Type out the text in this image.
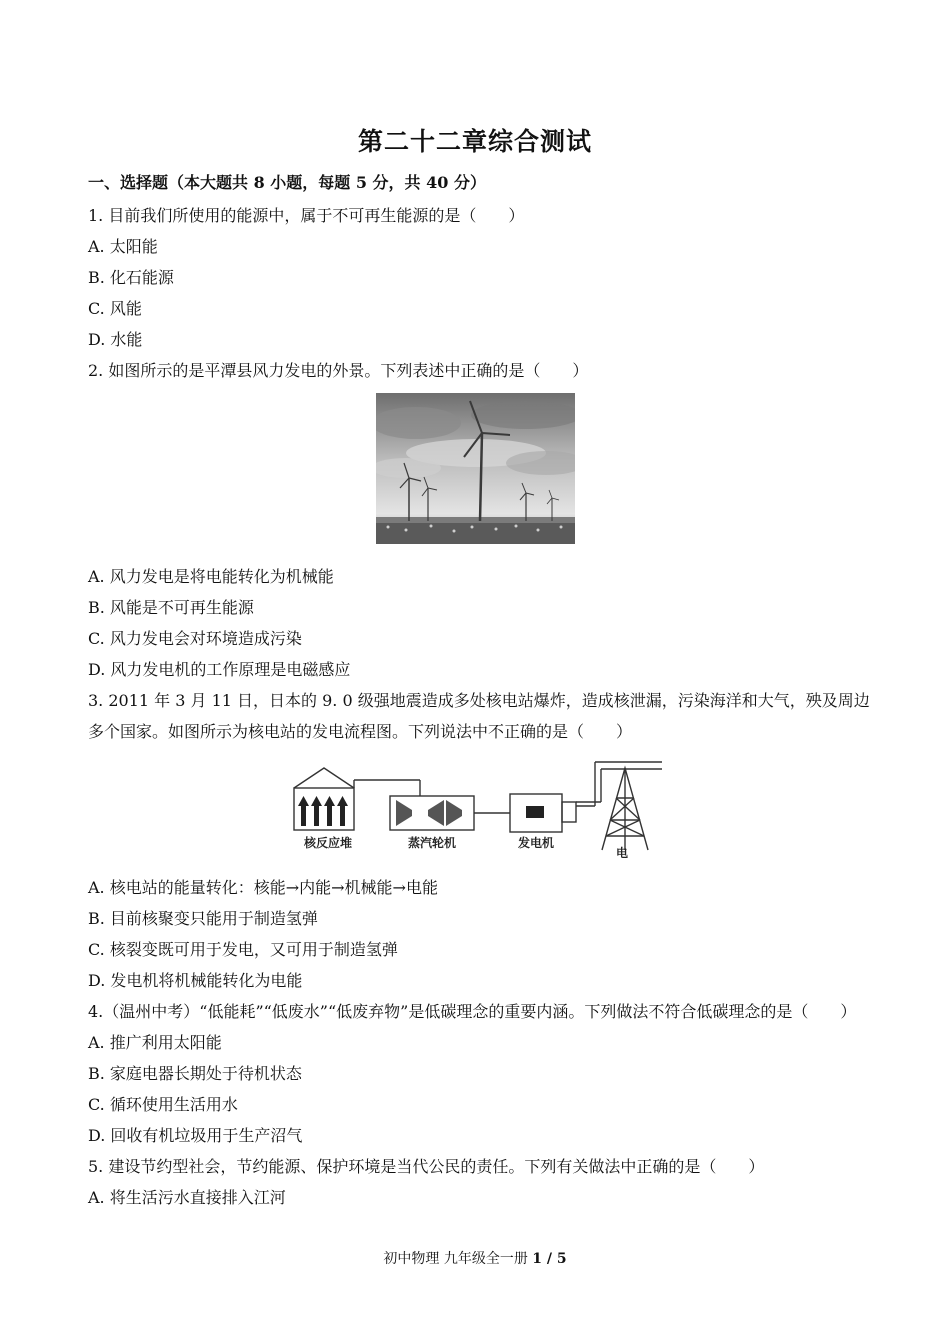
第二十二章综合测试
一、选择题（本大题共 8 小题，每题 5 分，共 40 分）
1. 目前我们所使用的能源中，属于不可再生能源的是（　　）
A. 太阳能
B. 化石能源
C. 风能
D. 水能
2. 如图所示的是平潭县风力发电的外景。下列表述中正确的是（　　）
A. 风力发电是将电能转化为机械能
B. 风能是不可再生能源
C. 风力发电会对环境造成污染
D. 风力发电机的工作原理是电磁感应
3. 2011 年 3 月 11 日，日本的 9. 0 级强地震造成多处核电站爆炸，造成核泄漏，污染海洋和大气，殃及周边
多个国家。如图所示为核电站的发电流程图。下列说法中不正确的是（　　）
核反应堆	蒸汽轮机	发电机
电
A. 核电站的能量转化：核能→内能→机械能→电能
B. 目前核聚变只能用于制造氢弹
C. 核裂变既可用于发电，又可用于制造氢弹
D. 发电机将机械能转化为电能
4.（温州中考）“低能耗”“低废水”“低废弃物”是低碳理念的重要内涵。下列做法不符合低碳理念的是（　　）
A. 推广利用太阳能
B. 家庭电器长期处于待机状态
C. 循环使用生活用水
D. 回收有机垃圾用于生产沼气
5. 建设节约型社会，节约能源、保护环境是当代公民的责任。下列有关做法中正确的是（　　）
A. 将生活污水直接排入江河
初中物理 九年级全一册 1 / 5
